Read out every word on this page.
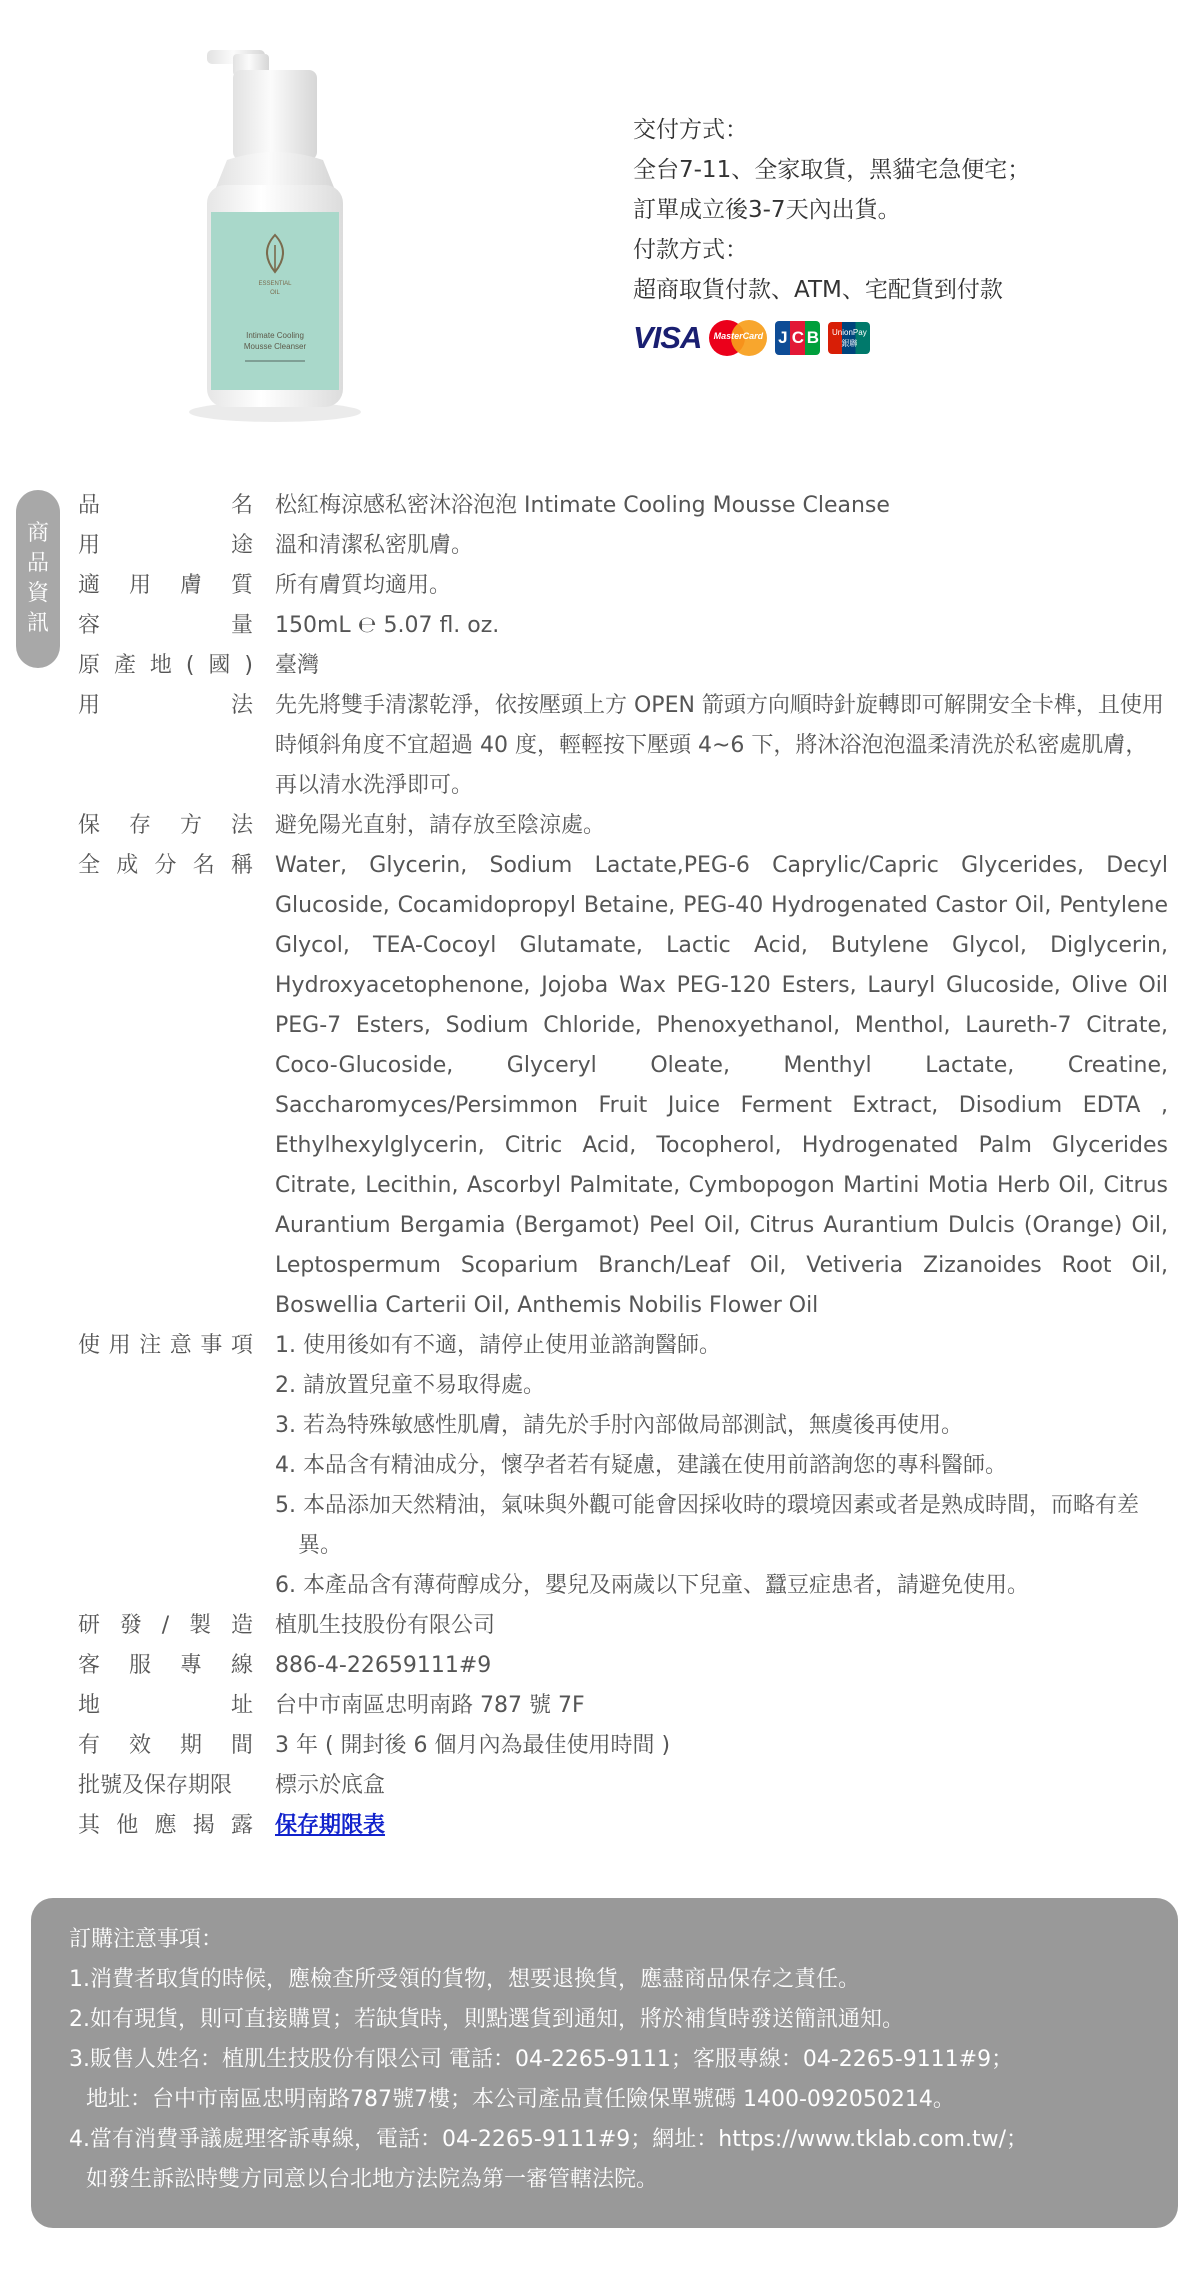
ESSENTIAL
OIL
Intimate Cooling
Mousse Cleanser
交付方式：
全台7-11、全家取貨，黑貓宅急便宅；
訂單成立後3-7天內出貨。
付款方式：
超商取貨付款、ATM、宅配貨到付款
VISA	MasterCard J C B	UnionPay
銀聯
商
品
資
訊
品	名 松紅梅涼感私密沐浴泡泡 Intimate Cooling Mousse Cleanse
用	途 溫和清潔私密肌膚。
適 用 膚 質 所有膚質均適用。
容	量 150mL ℮ 5.07 fl. oz.
原 產 地 ( 國 ) 臺灣
用	法 先先將雙手清潔乾淨，依按壓頭上方 OPEN 箭頭方向順時針旋轉即可解開安全卡榫，且使用時傾斜角度不宜超過 40 度，輕輕按下壓頭 4~6 下，將沐浴泡泡溫柔清洗於私密處肌膚，再以清水洗淨即可。
保 存 方 法 避免陽光直射，請存放至陰涼處。
全 成 分 名 稱 Water, Glycerin, Sodium Lactate,PEG-6 Caprylic/Capric Glycerides, Decyl Glucoside, Cocamidopropyl Betaine, PEG-40 Hydrogenated Castor Oil, Pentylene Glycol, TEA-Cocoyl Glutamate, Lactic Acid, Butylene Glycol, Diglycerin, Hydroxyacetophenone, Jojoba Wax PEG-120 Esters, Lauryl Glucoside, Olive Oil PEG-7 Esters, Sodium Chloride, Phenoxyethanol, Menthol, Laureth-7 Citrate, Coco-Glucoside, Glyceryl Oleate, Menthyl Lactate, Creatine, Saccharomyces/Persimmon Fruit Juice Ferment Extract, Disodium EDTA , Ethylhexylglycerin, Citric Acid, Tocopherol, Hydrogenated Palm Glycerides Citrate, Lecithin, Ascorbyl Palmitate, Cymbopogon Martini Motia Herb Oil, Citrus Aurantium Bergamia (Bergamot) Peel Oil, Citrus Aurantium Dulcis (Orange) Oil, Leptospermum Scoparium Branch/Leaf Oil, Vetiveria Zizanoides Root Oil, Boswellia Carterii Oil, Anthemis Nobilis Flower Oil
使 用 注 意 事 項 1. 使用後如有不適，請停止使用並諮詢醫師。
2. 請放置兒童不易取得處。
3. 若為特殊敏感性肌膚，請先於手肘內部做局部測試，無虞後再使用。
4. 本品含有精油成分，懷孕者若有疑慮，建議在使用前諮詢您的專科醫師。
5. 本品添加天然精油，氣味與外觀可能會因採收時的環境因素或者是熟成時間，而略有差異。
6. 本產品含有薄荷醇成分，嬰兒及兩歲以下兒童、蠶豆症患者，請避免使用。
研 發 / 製 造 植肌生技股份有限公司
客 服 專 線 886-4-22659111#9
地	址 台中市南區忠明南路 787 號 7F
有 效 期 間 3 年 ( 開封後 6 個月內為最佳使用時間 )
批號及保存期限 標示於底盒
其 他 應 揭 露 保存期限表
訂購注意事項：
1.消費者取貨的時候，應檢查所受領的貨物，想要退換貨，應盡商品保存之責任。
2.如有現貨，則可直接購買；若缺貨時，則點選貨到通知，將於補貨時發送簡訊通知。
3.販售人姓名：植肌生技股份有限公司 電話：04-2265-9111；客服專線：04-2265-9111#9；
地址：台中市南區忠明南路787號7樓；本公司產品責任險保單號碼 1400-092050214。
4.當有消費爭議處理客訴專線，電話：04-2265-9111#9；網址：https://www.tklab.com.tw/；
如發生訴訟時雙方同意以台北地方法院為第一審管轄法院。
